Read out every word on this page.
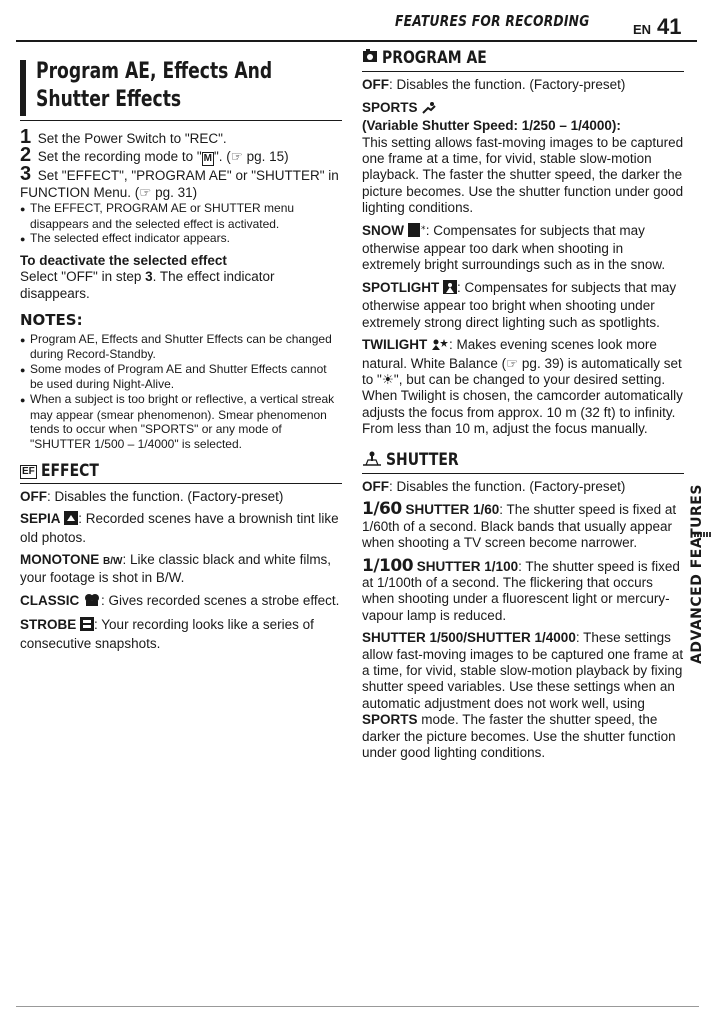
FEATURES FOR RECORDING	EN 41
Program AE, Effects And Shutter Effects

1 Set the Power Switch to "REC".

2 Set the recording mode to " M ". (☞ pg. 15)

3 Set "EFFECT", "PROGRAM AE" or "SHUTTER" in FUNCTION Menu. (☞ pg. 31)

● The EFFECT, PROGRAM AE or SHUTTER menu disappears and the selected effect is activated.

● The selected effect indicator appears.

To deactivate the selected effect

Select "OFF" in step 3. The effect indicator disappears.

NOTES:

● Program AE, Effects and Shutter Effects can be changed during Record-Standby.

● Some modes of Program AE and Shutter Effects cannot be used during Night-Alive.

● When a subject is too bright or reflective, a vertical streak may appear (smear phenomenon). Smear phenomenon tends to occur when "SPORTS" or any mode of "SHUTTER 1/500 – 1/4000" is selected.

EF EFFECT

OFF: Disables the function. (Factory-preset)

SEPIA : Recorded scenes have a brownish tint like old photos.

MONOTONE B/W: Like classic black and white films, your footage is shot in B/W.

CLASSIC : Gives recorded scenes a strobe effect.

STROBE : Your recording looks like a series of consecutive snapshots.

PROGRAM AE

OFF: Disables the function. (Factory-preset)

SPORTS

(Variable Shutter Speed: 1/250 – 1/4000):

This setting allows fast-moving images to be captured one frame at a time, for vivid, stable slow-motion playback. The faster the shutter speed, the darker the picture becomes. Use the shutter function under good lighting conditions.

SNOW * : Compensates for subjects that may otherwise appear too dark when shooting in extremely bright surroundings such as in the snow.

SPOTLIGHT : Compensates for subjects that may otherwise appear too bright when shooting under extremely strong direct lighting such as spotlights.

TWILIGHT : Makes evening scenes look more natural. White Balance (☞ pg. 39) is automatically set to "☀", but can be changed to your desired setting. When Twilight is chosen, the camcorder automatically adjusts the focus from approx. 10 m (32 ft) to infinity. From less than 10 m, adjust the focus manually.

SHUTTER

OFF: Disables the function. (Factory-preset)

1/60 SHUTTER 1/60: The shutter speed is fixed at 1/60th of a second. Black bands that usually appear when shooting a TV screen become narrower.

1/100 SHUTTER 1/100: The shutter speed is fixed at 1/100th of a second. The flickering that occurs when shooting under a fluorescent light or mercury-vapour lamp is reduced.

SHUTTER 1/500/SHUTTER 1/4000: These settings allow fast-moving images to be captured one frame at a time, for vivid, stable slow-motion playback by fixing shutter speed variables. Use these settings when an automatic adjustment does not work well, using SPORTS mode. The faster the shutter speed, the darker the picture becomes. Use the shutter function under good lighting conditions.

ADVANCED FEATURES
